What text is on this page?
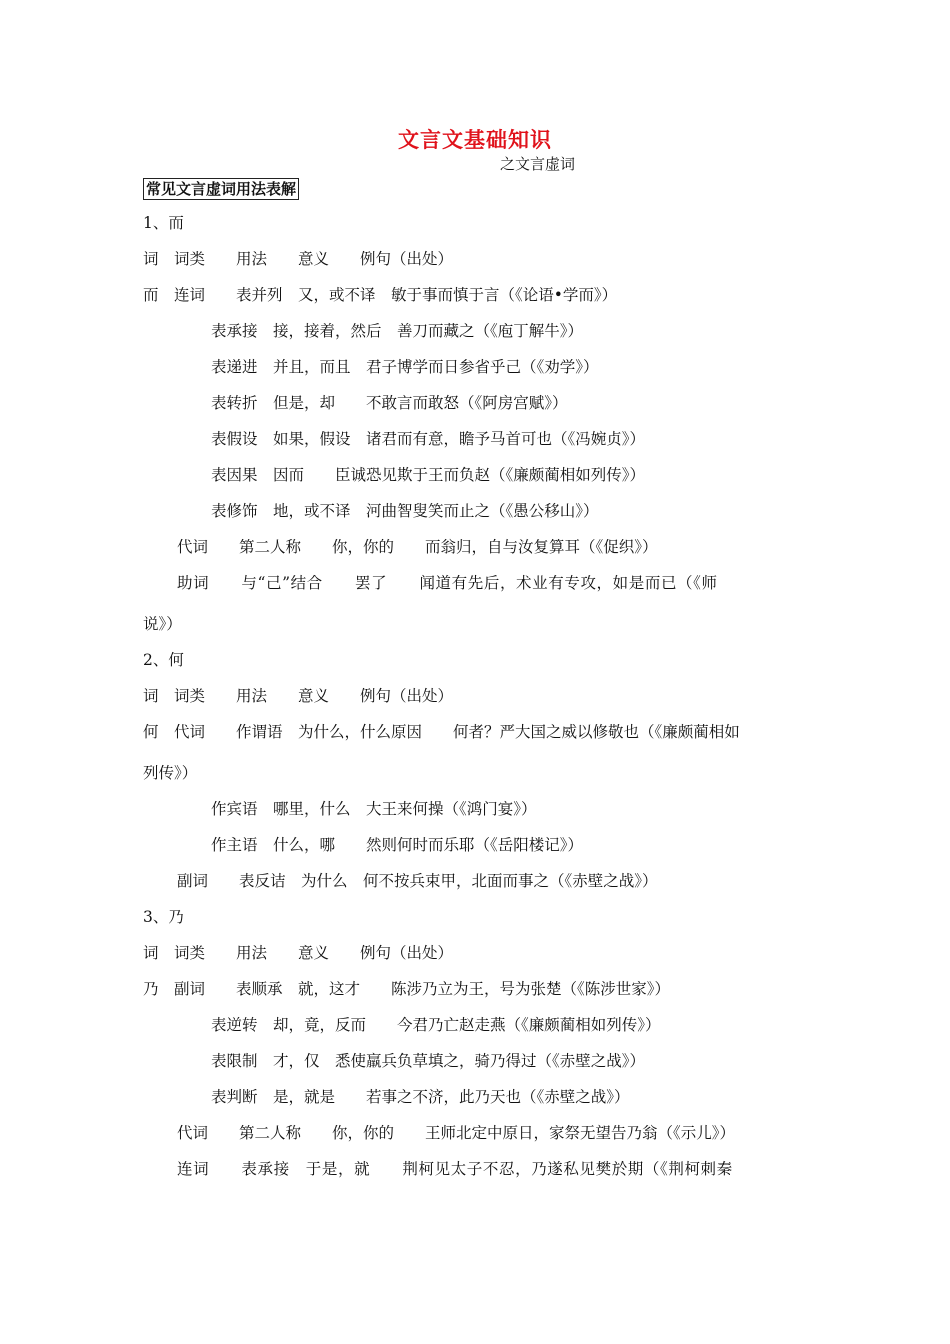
文言文基础知识
之文言虚词
常见文言虚词用法表解
1、而
词　词类　　用法　　意义　　例句（出处）
而　连词　　表并列　又，或不译　敏于事而慎于言（《论语•学而》）
表承接　接，接着，然后　善刀而藏之（《庖丁解牛》）
表递进　并且，而且　君子博学而日参省乎己（《劝学》）
表转折　但是，却　　不敢言而敢怒（《阿房宫赋》）
表假设　如果，假设　诸君而有意，瞻予马首可也（《冯婉贞》）
表因果　因而　　臣诚恐见欺于王而负赵（《廉颇蔺相如列传》）
表修饰　地，或不译　河曲智叟笑而止之（《愚公移山》）
代词　　第二人称　　你，你的　　而翁归，自与汝复算耳（《促织》）
助词　　与“己”结合　　罢了　　闻道有先后，术业有专攻，如是而已（《师
说》）
2、何
词　词类　　用法　　意义　　例句（出处）
何　代词　　作谓语　为什么，什么原因　　何者？严大国之威以修敬也（《廉颇蔺相如
列传》）
作宾语　哪里，什么　大王来何操（《鸿门宴》）
作主语　什么，哪　　然则何时而乐耶（《岳阳楼记》）
副词　　表反诘　为什么　何不按兵束甲，北面而事之（《赤壁之战》）
3、乃
词　词类　　用法　　意义　　例句（出处）
乃　副词　　表顺承　就，这才　　陈涉乃立为王，号为张楚（《陈涉世家》）
表逆转　却，竟，反而　　今君乃亡赵走燕（《廉颇蔺相如列传》）
表限制　才，仅　悉使羸兵负草填之，骑乃得过（《赤壁之战》）
表判断　是，就是　　若事之不济，此乃天也（《赤壁之战》）
代词　　第二人称　　你，你的　　王师北定中原日，家祭无望告乃翁（《示儿》）
连词　　表承接　于是，就　　荆柯见太子不忍，乃遂私见樊於期（《荆柯刺秦
